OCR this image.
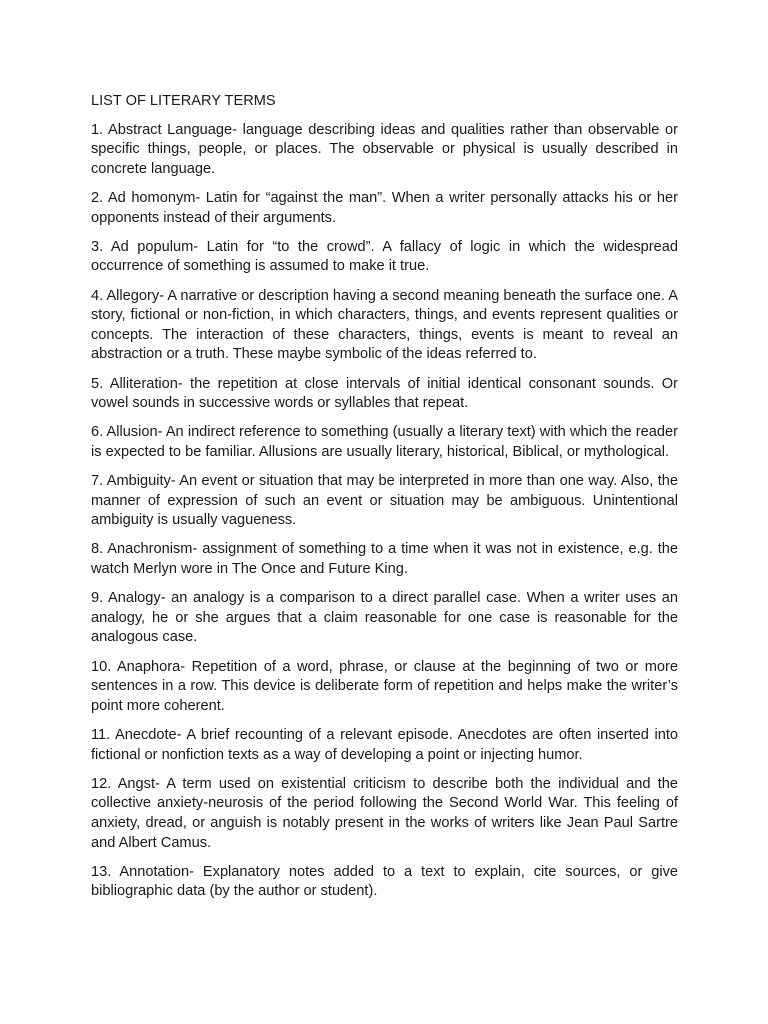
LIST OF LITERARY TERMS

1. Abstract Language- language describing ideas and qualities rather than observable or specific things, people, or places. The observable or physical is usually described in concrete language.

2. Ad homonym- Latin for “against the man”. When a writer personally attacks his or her opponents instead of their arguments.

3. Ad populum- Latin for “to the crowd”. A fallacy of logic in which the widespread occurrence of something is assumed to make it true.

4. Allegory- A narrative or description having a second meaning beneath the surface one. A story, fictional or non-fiction, in which characters, things, and events represent qualities or concepts. The interaction of these characters, things, events is meant to reveal an abstraction or a truth. These maybe symbolic of the ideas referred to.

5. Alliteration- the repetition at close intervals of initial identical consonant sounds. Or vowel sounds in successive words or syllables that repeat.

6. Allusion- An indirect reference to something (usually a literary text) with which the reader is expected to be familiar. Allusions are usually literary, historical, Biblical, or mythological.

7. Ambiguity- An event or situation that may be interpreted in more than one way. Also, the manner of expression of such an event or situation may be ambiguous. Unintentional ambiguity is usually vagueness.

8. Anachronism- assignment of something to a time when it was not in existence, e.g. the watch Merlyn wore in The Once and Future King.

9. Analogy- an analogy is a comparison to a direct parallel case. When a writer uses an analogy, he or she argues that a claim reasonable for one case is reasonable for the analogous case.

10. Anaphora- Repetition of a word, phrase, or clause at the beginning of two or more sentences in a row. This device is deliberate form of repetition and helps make the writer’s point more coherent.

11. Anecdote- A brief recounting of a relevant episode. Anecdotes are often inserted into fictional or nonfiction texts as a way of developing a point or injecting humor.

12. Angst- A term used on existential criticism to describe both the individual and the collective anxiety-neurosis of the period following the Second World War. This feeling of anxiety, dread, or anguish is notably present in the works of writers like Jean Paul Sartre and Albert Camus.

13. Annotation- Explanatory notes added to a text to explain, cite sources, or give bibliographic data (by the author or student).
